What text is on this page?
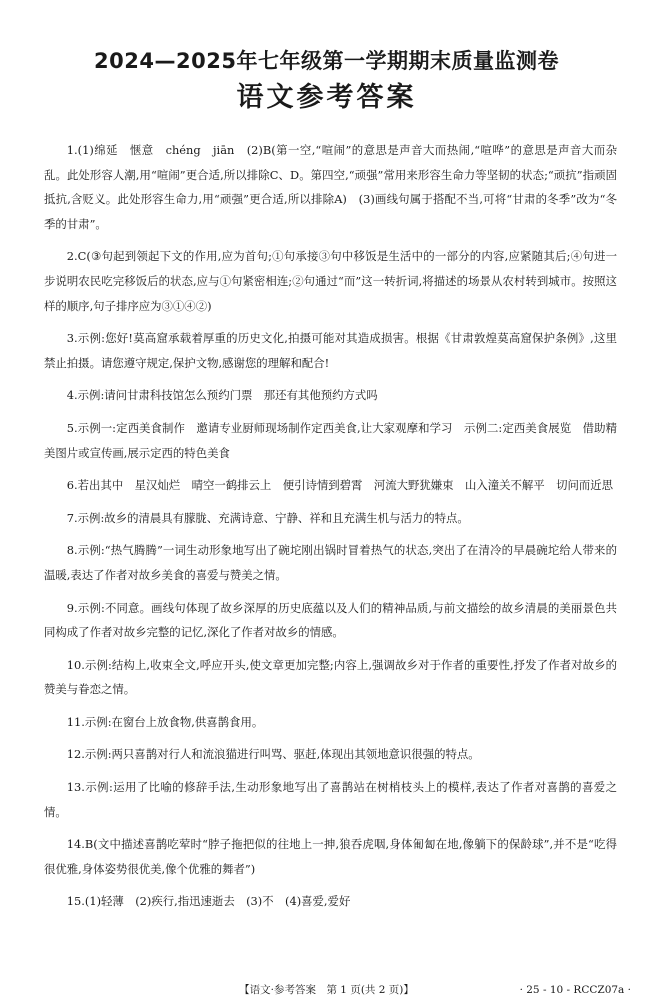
2024—2025年七年级第一学期期末质量监测卷
语文参考答案

1.(1)绵延　惬意　chéng　jiān　(2)B(第一空,“喧闹”的意思是声音大而热闹,“喧哗”的意思是声音大而杂乱。此处形容人潮,用“喧闹”更合适,所以排除C、D。第四空,“顽强”常用来形容生命力等坚韧的状态;“顽抗”指顽固抵抗,含贬义。此处形容生命力,用“顽强”更合适,所以排除A)　(3)画线句属于搭配不当,可将“甘肃的冬季”改为“冬季的甘肃”。

2.C(③句起到领起下文的作用,应为首句;①句承接③句中移饭是生活中的一部分的内容,应紧随其后;④句进一步说明农民吃完移饭后的状态,应与①句紧密相连;②句通过“而”这一转折词,将描述的场景从农村转到城市。按照这样的顺序,句子排序应为③①④②)

3.示例:您好!莫高窟承载着厚重的历史文化,拍摄可能对其造成损害。根据《甘肃敦煌莫高窟保护条例》,这里禁止拍摄。请您遵守规定,保护文物,感谢您的理解和配合!

4.示例:请问甘肃科技馆怎么预约门票　那还有其他预约方式吗

5.示例一:定西美食制作　邀请专业厨师现场制作定西美食,让大家观摩和学习　示例二:定西美食展览　借助精美图片或宣传画,展示定西的特色美食

6.若出其中　星汉灿烂　晴空一鹤排云上　便引诗情到碧霄　河流大野犹嫌束　山入潼关不解平　切问而近思

7.示例:故乡的清晨具有朦胧、充满诗意、宁静、祥和且充满生机与活力的特点。

8.示例:“热气腾腾”一词生动形象地写出了碗坨刚出锅时冒着热气的状态,突出了在清冷的早晨碗坨给人带来的温暖,表达了作者对故乡美食的喜爱与赞美之情。

9.示例:不同意。画线句体现了故乡深厚的历史底蕴以及人们的精神品质,与前文描绘的故乡清晨的美丽景色共同构成了作者对故乡完整的记忆,深化了作者对故乡的情感。

10.示例:结构上,收束全文,呼应开头,使文章更加完整;内容上,强调故乡对于作者的重要性,抒发了作者对故乡的赞美与眷恋之情。

11.示例:在窗台上放食物,供喜鹊食用。

12.示例:两只喜鹊对行人和流浪猫进行叫骂、驱赶,体现出其领地意识很强的特点。

13.示例:运用了比喻的修辞手法,生动形象地写出了喜鹊站在树梢枝头上的模样,表达了作者对喜鹊的喜爱之情。

14.B(文中描述喜鹊吃荤时“脖子拖把似的往地上一抻,狼吞虎咽,身体匍匐在地,像躺下的保龄球”,并不是“吃得很优雅,身体姿势很优美,像个优雅的舞者”)

15.(1)轻薄　(2)疾行,指迅速逝去　(3)不　(4)喜爱,爱好

【语文·参考答案　第 1 页(共 2 页)】	· 25 - 10 - RCCZ07a ·
